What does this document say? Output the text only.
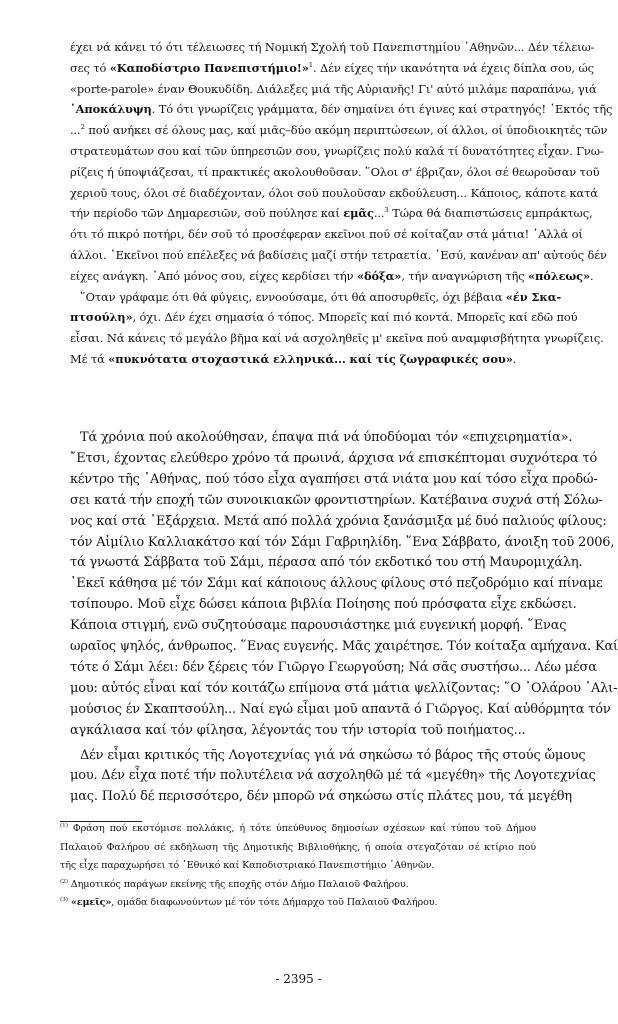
έχει νά κάνει τό ότι τέλειωσες τή Νομική Σχολή τοῦ Πανεπιστημίου ᾿Αθηνῶν... Δέν τέλειω-
σες τό «Καποδίστριο Πανεπιστήμιο!»$^1$. Δέν είχες τήν ικανότητα νά έχεις δίπλα σου, ώς
«porte-parole» έναν Θουκυδίδη. Διάλεξες μιά τῆς Αὐριανῆς! Γι' αὐτό μιλάμε παραπάνω, γιά
᾿Αποκάλυψη. Τό ότι γνωρίζεις γράμματα, δέν σημαίνει ότι έγινες καί στρατηγός! ᾿Εκτός τῆς
...$^2$ πού ανήκει σέ όλους μας, καί μιᾶς–δύο ακόμη περιπτώσεων, οί άλλοι, οί ύποδιοικητές τῶν
στρατευμάτων σου καί τῶν ύπηρεσιῶν σου, γνωρίζεις πολύ καλά τί δυνατότητες εἶχαν. Γνω-
ρίζεις ή ύποψιάζεσαι, τί πρακτικές ακολουθοῦσαν. ῞Ολοι σ' έβριζαν, όλοι σέ θεωροῦσαν τοῦ
χεριοῦ τους, όλοι σέ διαδέχονταν, όλοι σοῦ πουλοῦσαν εκδούλευση... Κάποιος, κάποτε κατά
τήν περίοδο τῶν Δημαρεσιῶν, σοῦ πούλησε καί εμᾶς...$^3$ Τώρα θά διαπιστώσεις εμπράκτως,
ότι τό πικρό ποτήρι, δέν σοῦ τό προσέφεραν εκεῖνοι πού σέ κοίταζαν στά μάτια! ᾿Αλλά οί
άλλοι. ᾿Εκεῖνοι πού επέλεξες νά βαδίσεις μαζί στήν τετραετία. ᾿Εσύ, κανέναν απ' αὐτούς δέν
είχες ανάγκη. ᾿Από μόνος σου, είχες κερδίσει τήν «δόξα», τήν αναγνώριση τῆς «πόλεως».
῞Οταν γράφαμε ότι θά φύγεις, εννοούσαμε, ότι θά αποσυρθεῖς, όχι βέβαια «έν Σκα-
πτσούλη», όχι. Δέν έχει σημασία ό τόπος. Μπορεῖς καί πιό κοντά. Μπορεῖς καί εδῶ πού
εἶσαι. Νά κάνεις τό μεγάλο βῆμα καί νά ασχοληθεῖς μ' εκεῖνα πού αναμφισβήτητα γνωρίζεις.
Μέ τά «πυκνότατα στοχαστικά ελληνικά... καί τίς ζωγραφικές σου».
Τά χρόνια πού ακολούθησαν, έπαψα πιά νά ύποδύομαι τόν «επιχειρηματία».
῎Ετσι, έχοντας ελεύθερο χρόνο τά πρωινά, άρχισα νά επισκέπτομαι συχνότερα τό
κέντρο τῆς ᾿Αθήνας, πού τόσο εἶχα αγαπήσει στά νιάτα μου καί τόσο εἶχα προδώ-
σει κατά τήν εποχή τῶν συνοικιακῶν φροντιστηρίων. Κατέβαινα συχνά στή Σόλω-
νος καί στά ᾿Εξάρχεια. Μετά από πολλά χρόνια ξανάσμιξα μέ δυό παλιούς φίλους:
τόν Αἰμίλιο Καλλιακάτσο καί τόν Σάμι Γαβριηλίδη. ῞Ενα Σάββατο, άνοιξη τοῦ 2006,
τά γνωστά Σάββατα τοῦ Σάμι, πέρασα από τόν εκδοτικό του στή Μαυρομιχάλη.
᾿Εκεῖ κάθησα μέ τόν Σάμι καί κάποιους άλλους φίλους στό πεζοδρόμιο καί πίναμε
τσίπουρο. Μοῦ εἶχε δώσει κάποια βιβλία Ποίησης πού πρόσφατα εἶχε εκδώσει.
Κάποια στιγμή, ενῶ συζητούσαμε παρουσιάστηκε μιά ευγενική μορφή. ῞Ενας
ωραῖος ψηλός, άνθρωπος. ῞Ενας ευγενής. Μᾶς χαιρέτησε. Τόν κοίταξα αμήχανα. Καί
τότε ό Σάμι λέει: δέν ξέρεις τόν Γιῶργο Γεωργούση; Νά σᾶς συστήσω... Λέω μέσα
μου: αὐτός εἶναι καί τόν κοιτάζω επίμονα στά μάτια ψελλίζοντας: ῞Ο ᾿Ολάρου ᾿Αλι-
μούσιος έν Σκαπτσούλη... Ναί εγώ εἶμαι μοῦ απαντᾶ ό Γιῶργος. Καί αὐθόρμητα τόν
αγκάλιασα καί τόν φίλησα, λέγοντάς του τήν ιστορία τοῦ ποιήματος...
Δέν εἶμαι κριτικός τῆς Λογοτεχνίας γιά νά σηκώσω τό βάρος τῆς στούς ὤμους
μου. Δέν εἶχα ποτέ τήν πολυτέλεια νά ασχοληθῶ μέ τά «μεγέθη» τῆς Λογοτεχνίας
μας. Πολύ δέ περισσότερο, δέν μπορῶ νά σηκώσω στίς πλάτες μου, τά μεγέθη
$^{(1)}$ Φράση πού εκστόμισε πολλάκις, ή τότε ύπεύθυνος δημοσίων σχέσεων καί τύπου τοῦ Δήμου
Παλαιοῦ Φαλήρου σέ εκδήλωση τῆς Δημοτικῆς Βιβλιοθήκης, ή οποία στεγαζόταν σέ κτίριο πού
τῆς εἶχε παραχωρήσει τό ᾿Εθνικό καί Καποδιστριακό Πανεπιστήμιο ᾿Αθηνῶν.
$^{(2)}$ Δημοτικός παράγων εκείνης τῆς εποχῆς στόν Δήμο Παλαιοῦ Φαλήρου.
$^{(3)}$ «εμεῖς», ομάδα διαφωνούντων μέ τόν τότε Δήμαρχο τοῦ Παλαιοῦ Φαλήρου.
- 2395 -
